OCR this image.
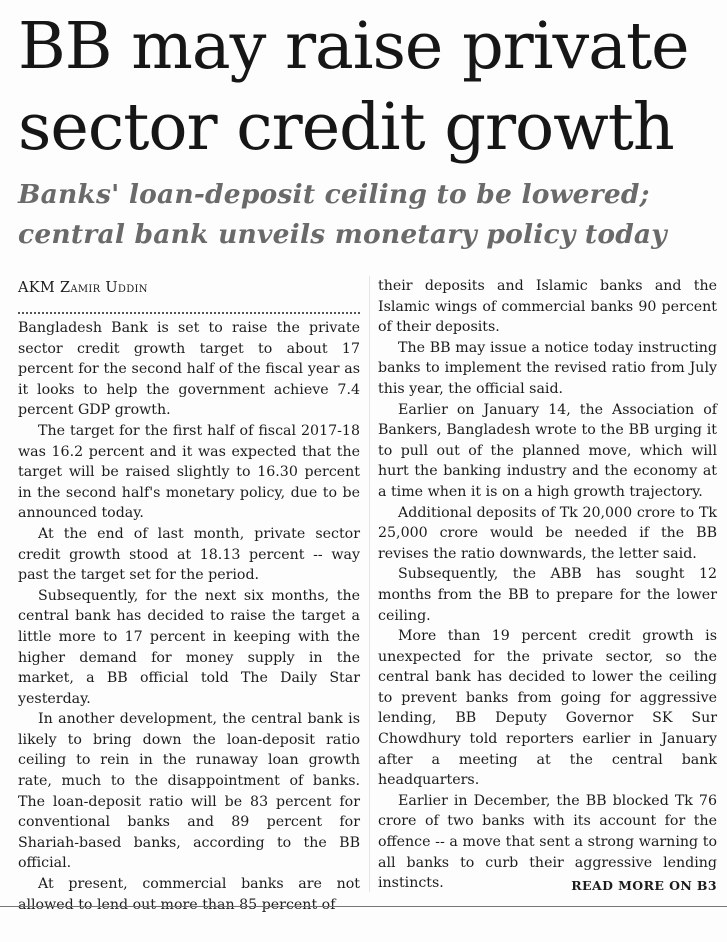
BB may raise private sector credit growth
Banks' loan-deposit ceiling to be lowered; central bank unveils monetary policy today
AKM Zamir Uddin

Bangladesh Bank is set to raise the private sector credit growth target to about 17 percent for the second half of the fiscal year as it looks to help the government achieve 7.4 percent GDP growth.

The target for the first half of fiscal 2017-18 was 16.2 percent and it was expected that the target will be raised slightly to 16.30 percent in the second half's monetary policy, due to be announced today.

At the end of last month, private sector credit growth stood at 18.13 percent -- way past the target set for the period.

Subsequently, for the next six months, the central bank has decided to raise the target a little more to 17 percent in keeping with the higher demand for money supply in the market, a BB official told The Daily Star yesterday.

In another development, the central bank is likely to bring down the loan-deposit ratio ceiling to rein in the runaway loan growth rate, much to the disappointment of banks. The loan-deposit ratio will be 83 percent for conventional banks and 89 percent for Shariah-based banks, according to the BB official.

At present, commercial banks are not allowed to lend out more than 85 percent of

their deposits and Islamic banks and the Islamic wings of commercial banks 90 percent of their deposits.

The BB may issue a notice today instructing banks to implement the revised ratio from July this year, the official said.

Earlier on January 14, the Association of Bankers, Bangladesh wrote to the BB urging it to pull out of the planned move, which will hurt the banking industry and the economy at a time when it is on a high growth trajectory.

Additional deposits of Tk 20,000 crore to Tk 25,000 crore would be needed if the BB revises the ratio downwards, the letter said.

Subsequently, the ABB has sought 12 months from the BB to prepare for the lower ceiling.

More than 19 percent credit growth is unexpected for the private sector, so the central bank has decided to lower the ceiling to prevent banks from going for aggressive lending, BB Deputy Governor SK Sur Chowdhury told reporters earlier in January after a meeting at the central bank headquarters.

Earlier in December, the BB blocked Tk 76 crore of two banks with its account for the offence -- a move that sent a strong warning to all banks to curb their aggressive lending instincts.	READ MORE ON B3
